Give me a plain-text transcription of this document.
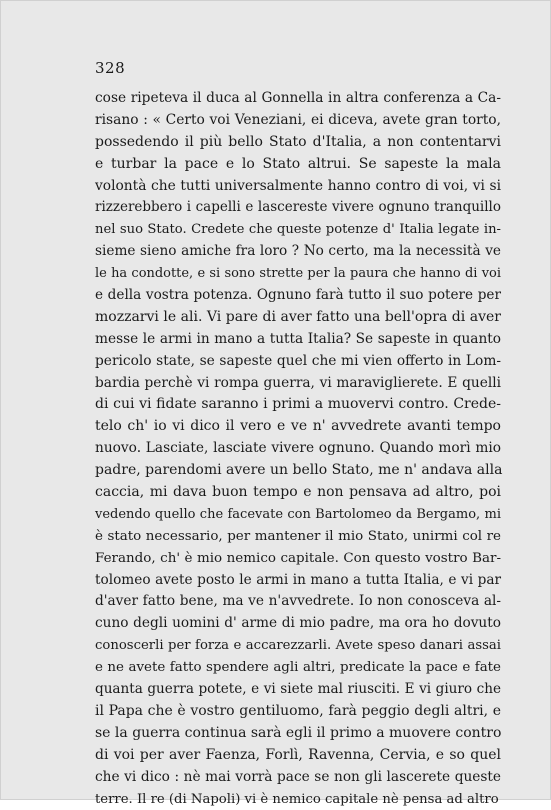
328
cose ripeteva il duca al Gonnella in altra conferenza a Ca-
risano : « Certo voi Veneziani, ei diceva, avete gran torto,
possedendo il più bello Stato d'Italia, a non contentarvi
e turbar la pace e lo Stato altrui. Se sapeste la mala
volontà che tutti universalmente hanno contro di voi, vi si
rizzerebbero i capelli e lascereste vivere ognuno tranquillo
nel suo Stato. Credete che queste potenze d' Italia legate in-
sieme sieno amiche fra loro ? No certo, ma la necessità ve
le ha condotte, e si sono strette per la paura che hanno di voi
e della vostra potenza. Ognuno farà tutto il suo potere per
mozzarvi le ali. Vi pare di aver fatto una bell'opra di aver
messe le armi in mano a tutta Italia? Se sapeste in quanto
pericolo state, se sapeste quel che mi vien offerto in Lom-
bardia perchè vi rompa guerra, vi maraviglierete. E quelli
di cui vi fidate saranno i primi a muovervi contro. Crede-
telo ch' io vi dico il vero e ve n' avvedrete avanti tempo
nuovo. Lasciate, lasciate vivere ognuno. Quando morì mio
padre, parendomi avere un bello Stato, me n' andava alla
caccia, mi dava buon tempo e non pensava ad altro, poi
vedendo quello che facevate con Bartolomeo da Bergamo, mi
è stato necessario, per mantener il mio Stato, unirmi col re
Ferando, ch' è mio nemico capitale. Con questo vostro Bar-
tolomeo avete posto le armi in mano a tutta Italia, e vi par
d'aver fatto bene, ma ve n'avvedrete. Io non conosceva al-
cuno degli uomini d' arme di mio padre, ma ora ho dovuto
conoscerli per forza e accarezzarli. Avete speso danari assai
e ne avete fatto spendere agli altri, predicate la pace e fate
quanta guerra potete, e vi siete mal riusciti. E vi giuro che
il Papa che è vostro gentiluomo, farà peggio degli altri, e
se la guerra continua sarà egli il primo a muovere contro
di voi per aver Faenza, Forlì, Ravenna, Cervia, e so quel
che vi dico : nè mai vorrà pace se non gli lascerete queste
terre. Il re (di Napoli) vi è nemico capitale nè pensa ad altro
